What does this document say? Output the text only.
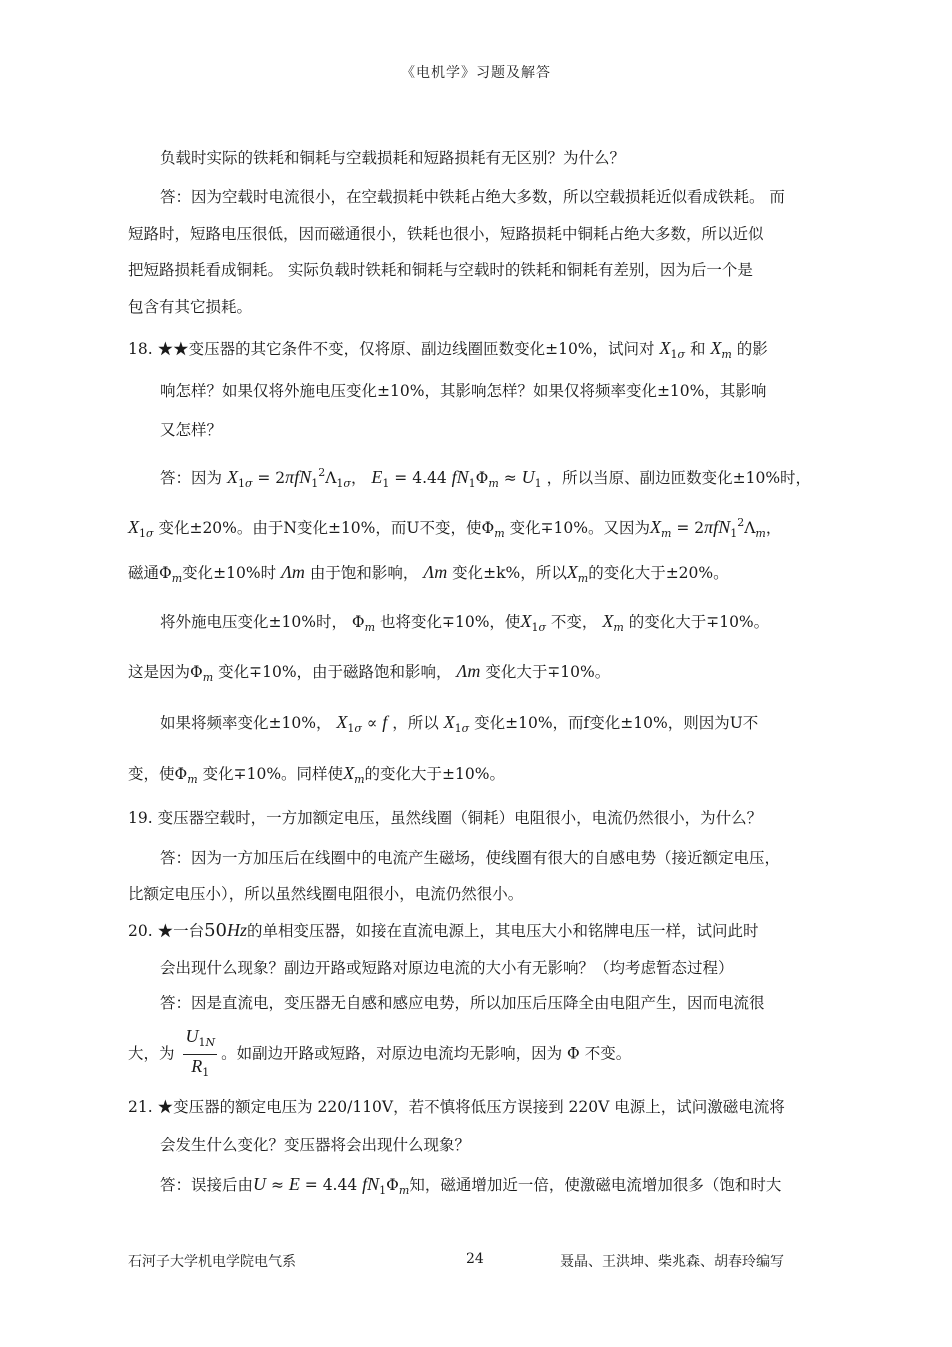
《电机学》习题及解答
负载时实际的铁耗和铜耗与空载损耗和短路损耗有无区别？为什么？
答：因为空载时电流很小，在空载损耗中铁耗占绝大多数，所以空载损耗近似看成铁耗。 而
短路时，短路电压很低，因而磁通很小，铁耗也很小，短路损耗中铜耗占绝大多数，所以近似
把短路损耗看成铜耗。 实际负载时铁耗和铜耗与空载时的铁耗和铜耗有差别，因为后一个是
包含有其它损耗。
18. ★★变压器的其它条件不变，仅将原、副边线圈匝数变化±10%，试问对 $X_{1\sigma}$ 和 $X_m$ 的影
响怎样？如果仅将外施电压变化±10%，其影响怎样？如果仅将频率变化±10%，其影响
又怎样？
答：因为 $X_{1\sigma} = 2\pi fN_1^2\Lambda_{1\sigma}$， $E_1 = 4.44$ $fN_1\Phi_m \approx U_1$ ，所以当原、副边匝数变化±10%时，
$X_{1\sigma}$ 变化±20%。由于N变化±10%，而U不变，使$\Phi_m$ 变化∓10%。又因为$X_m = 2\pi fN_1^2\Lambda_m$，
磁通$\Phi_m$变化±10%时 Λm 由于饱和影响， Λm 变化±k%，所以$X_m$的变化大于±20%。
将外施电压变化±10%时， $\Phi_m$ 也将变化∓10%，使$X_{1\sigma}$ 不变， $X_m$ 的变化大于∓10%。
这是因为$\Phi_m$ 变化∓10%，由于磁路饱和影响， Λm 变化大于∓10%。
如果将频率变化±10%， $X_{1\sigma} \propto f$ ，所以 $X_{1\sigma}$ 变化±10%，而f变化±10%，则因为U不
变，使$\Phi_m$ 变化∓10%。同样使$X_m$的变化大于±10%。
19. 变压器空载时，一方加额定电压，虽然线圈（铜耗）电阻很小，电流仍然很小，为什么？
答：因为一方加压后在线圈中的电流产生磁场，使线圈有很大的自感电势（接近额定电压，
比额定电压小），所以虽然线圈电阻很小，电流仍然很小。
20. ★一台50Hz的单相变压器，如接在直流电源上，其电压大小和铭牌电压一样，试问此时
会出现什么现象？副边开路或短路对原边电流的大小有无影响？（均考虑暂态过程）
答：因是直流电，变压器无自感和感应电势，所以加压后压降全由电阻产生，因而电流很
大，为 $\frac{U_{1N}}{R_1}$ 。如副边开路或短路，对原边电流均无影响，因为 Φ 不变。
21. ★变压器的额定电压为 220/110V，若不慎将低压方误接到 220V 电源上，试问激磁电流将
会发生什么变化？变压器将会出现什么现象？
答：误接后由U ≈ E = 4.44 $fN_1\Phi_m$知，磁通增加近一倍，使激磁电流增加很多（饱和时大
石河子大学机电学院电气系	24	聂晶、王洪坤、柴兆森、胡春玲编写
